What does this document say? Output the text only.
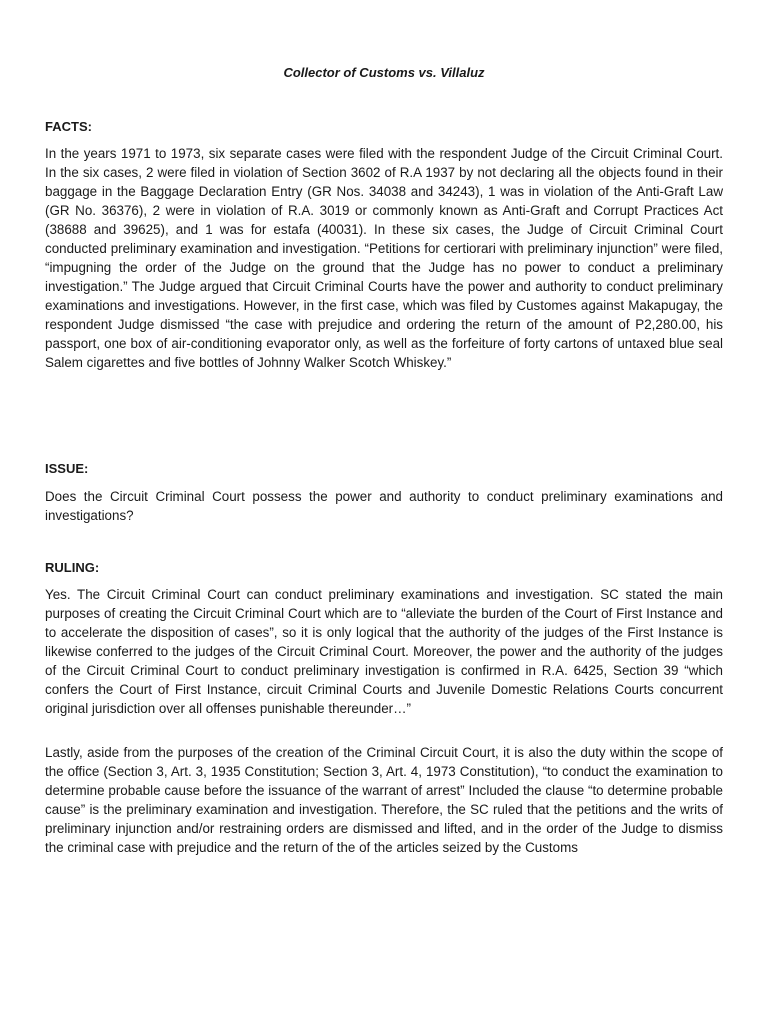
Collector of Customs vs. Villaluz
FACTS:

In the years 1971 to 1973, six separate cases were filed with the respondent Judge of the Circuit Criminal Court. In the six cases, 2 were filed in violation of Section 3602 of R.A 1937 by not declaring all the objects found in their baggage in the Baggage Declaration Entry (GR Nos. 34038 and 34243), 1 was in violation of the Anti-Graft Law (GR No. 36376), 2 were in violation of R.A. 3019 or commonly known as Anti-Graft and Corrupt Practices Act (38688 and 39625), and 1 was for estafa (40031). In these six cases, the Judge of Circuit Criminal Court conducted preliminary examination and investigation. “Petitions for certiorari with preliminary injunction” were filed, “impugning the order of the Judge on the ground that the Judge has no power to conduct a preliminary investigation.” The Judge argued that Circuit Criminal Courts have the power and authority to conduct preliminary examinations and investigations. However, in the first case, which was filed by Customes against Makapugay, the respondent Judge dismissed “the case with prejudice and ordering the return of the amount of P2,280.00, his passport, one box of air-conditioning evaporator only, as well as the forfeiture of forty cartons of untaxed blue seal Salem cigarettes and five bottles of Johnny Walker Scotch Whiskey.”

ISSUE:

Does the Circuit Criminal Court possess the power and authority to conduct preliminary examinations and investigations?

RULING:

Yes. The Circuit Criminal Court can conduct preliminary examinations and investigation. SC stated the main purposes of creating the Circuit Criminal Court which are to “alleviate the burden of the Court of First Instance and to accelerate the disposition of cases”, so it is only logical that the authority of the judges of the First Instance is likewise conferred to the judges of the Circuit Criminal Court. Moreover, the power and the authority of the judges of the Circuit Criminal Court to conduct preliminary investigation is confirmed in R.A. 6425, Section 39 “which confers the Court of First Instance, circuit Criminal Courts and Juvenile Domestic Relations Courts concurrent original jurisdiction over all offenses punishable thereunder…”

Lastly, aside from the purposes of the creation of the Criminal Circuit Court, it is also the duty within the scope of the office (Section 3, Art. 3, 1935 Constitution; Section 3, Art. 4, 1973 Constitution), “to conduct the examination to determine probable cause before the issuance of the warrant of arrest” Included the clause “to determine probable cause” is the preliminary examination and investigation. Therefore, the SC ruled that the petitions and the writs of preliminary injunction and/or restraining orders are dismissed and lifted, and in the order of the Judge to dismiss the criminal case with prejudice and the return of the of the articles seized by the Customs
